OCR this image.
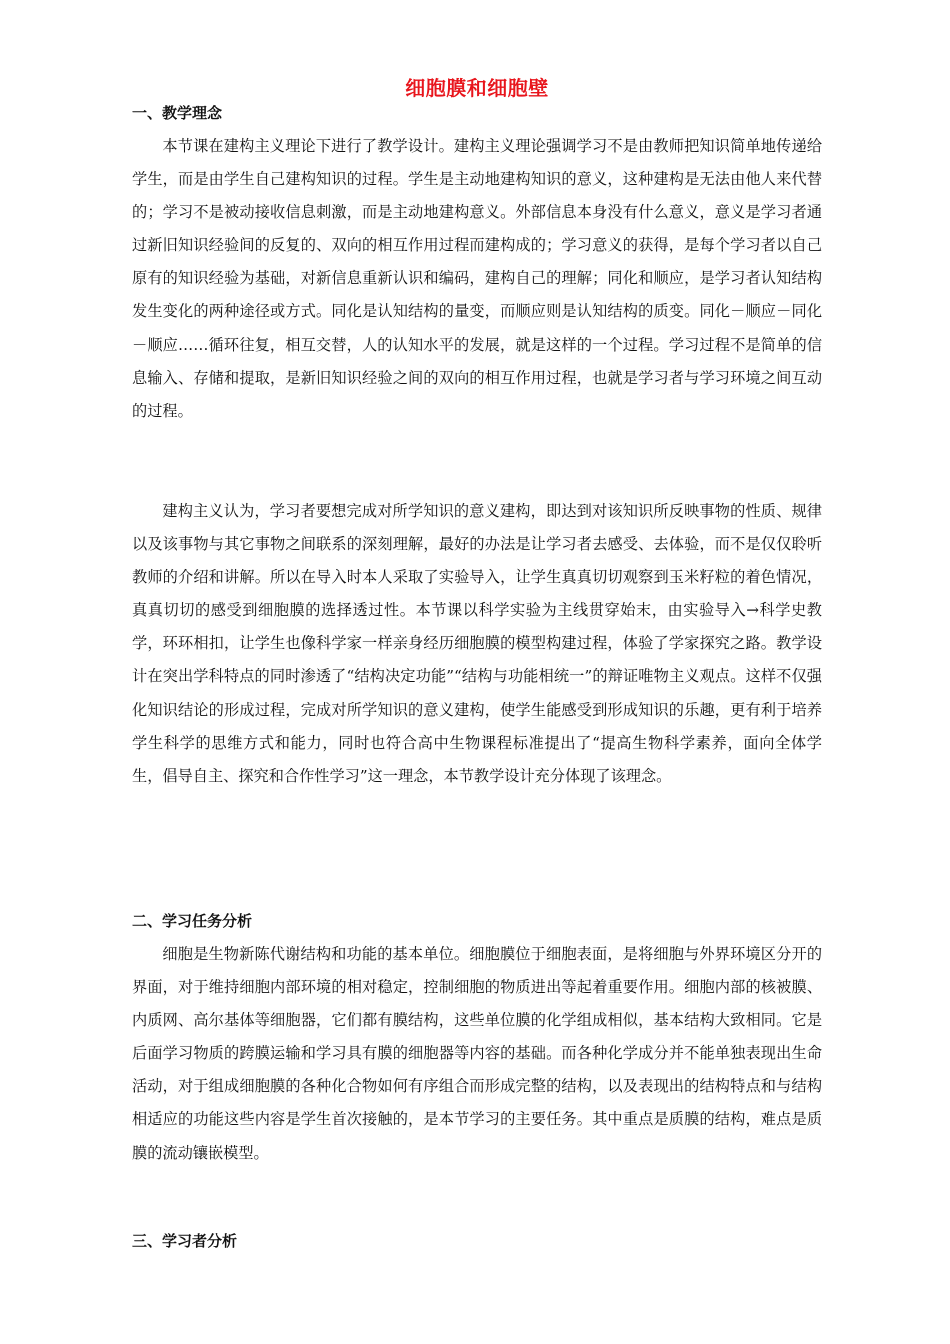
细胞膜和细胞壁
一、教学理念

本节课在建构主义理论下进行了教学设计。建构主义理论强调学习不是由教师把知识简单地传递给学生，而是由学生自己建构知识的过程。学生是主动地建构知识的意义，这种建构是无法由他人来代替的；学习不是被动接收信息刺激，而是主动地建构意义。外部信息本身没有什么意义，意义是学习者通过新旧知识经验间的反复的、双向的相互作用过程而建构成的；学习意义的获得，是每个学习者以自己原有的知识经验为基础，对新信息重新认识和编码，建构自己的理解；同化和顺应，是学习者认知结构发生变化的两种途径或方式。同化是认知结构的量变，而顺应则是认知结构的质变。同化－顺应－同化－顺应……循环往复，相互交替，人的认知水平的发展，就是这样的一个过程。学习过程不是简单的信息输入、存储和提取，是新旧知识经验之间的双向的相互作用过程，也就是学习者与学习环境之间互动的过程。

建构主义认为，学习者要想完成对所学知识的意义建构，即达到对该知识所反映事物的性质、规律以及该事物与其它事物之间联系的深刻理解，最好的办法是让学习者去感受、去体验，而不是仅仅聆听教师的介绍和讲解。所以在导入时本人采取了实验导入，让学生真真切切观察到玉米籽粒的着色情况，真真切切的感受到细胞膜的选择透过性。本节课以科学实验为主线贯穿始末，由实验导入→科学史教学，环环相扣，让学生也像科学家一样亲身经历细胞膜的模型构建过程，体验了学家探究之路。教学设计在突出学科特点的同时渗透了“结构决定功能”“结构与功能相统一”的辩证唯物主义观点。这样不仅强化知识结论的形成过程，完成对所学知识的意义建构，使学生能感受到形成知识的乐趣，更有利于培养学生科学的思维方式和能力，同时也符合高中生物课程标准提出了“提高生物科学素养，面向全体学生，倡导自主、探究和合作性学习”这一理念，本节教学设计充分体现了该理念。

二、学习任务分析

细胞是生物新陈代谢结构和功能的基本单位。细胞膜位于细胞表面，是将细胞与外界环境区分开的界面，对于维持细胞内部环境的相对稳定，控制细胞的物质进出等起着重要作用。细胞内部的核被膜、内质网、高尔基体等细胞器，它们都有膜结构，这些单位膜的化学组成相似，基本结构大致相同。它是后面学习物质的跨膜运输和学习具有膜的细胞器等内容的基础。而各种化学成分并不能单独表现出生命活动，对于组成细胞膜的各种化合物如何有序组合而形成完整的结构，以及表现出的结构特点和与结构相适应的功能这些内容是学生首次接触的，是本节学习的主要任务。其中重点是质膜的结构，难点是质膜的流动镶嵌模型。

三、学习者分析
